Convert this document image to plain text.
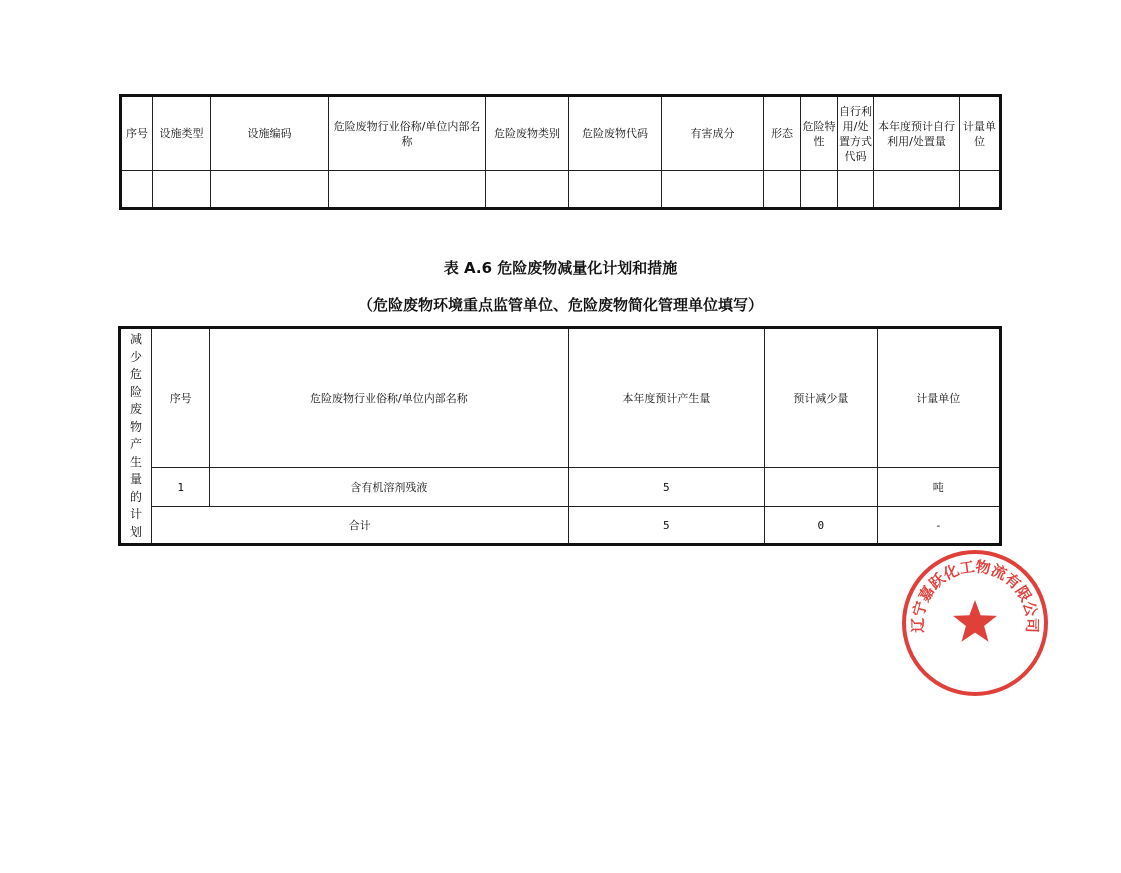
序号	设施类型	设施编码	危险废物行业俗称/单位内部名称	危险废物类别	危险废物代码	有害成分	形态	危险特性	自行利用/处置方式代码	本年度预计自行利用/处置量	计量单位

表 A.6 危险废物减量化计划和措施
（危险废物环境重点监管单位、危险废物简化管理单位填写）
减少危险废物产生量的计划	序号	危险废物行业俗称/单位内部名称	本年度预计产生量	预计减少量	计量单位
	1	含有机溶剂残液	5		吨
	合计		5	0	-
辽宁嘉跃化工物流有限公司
